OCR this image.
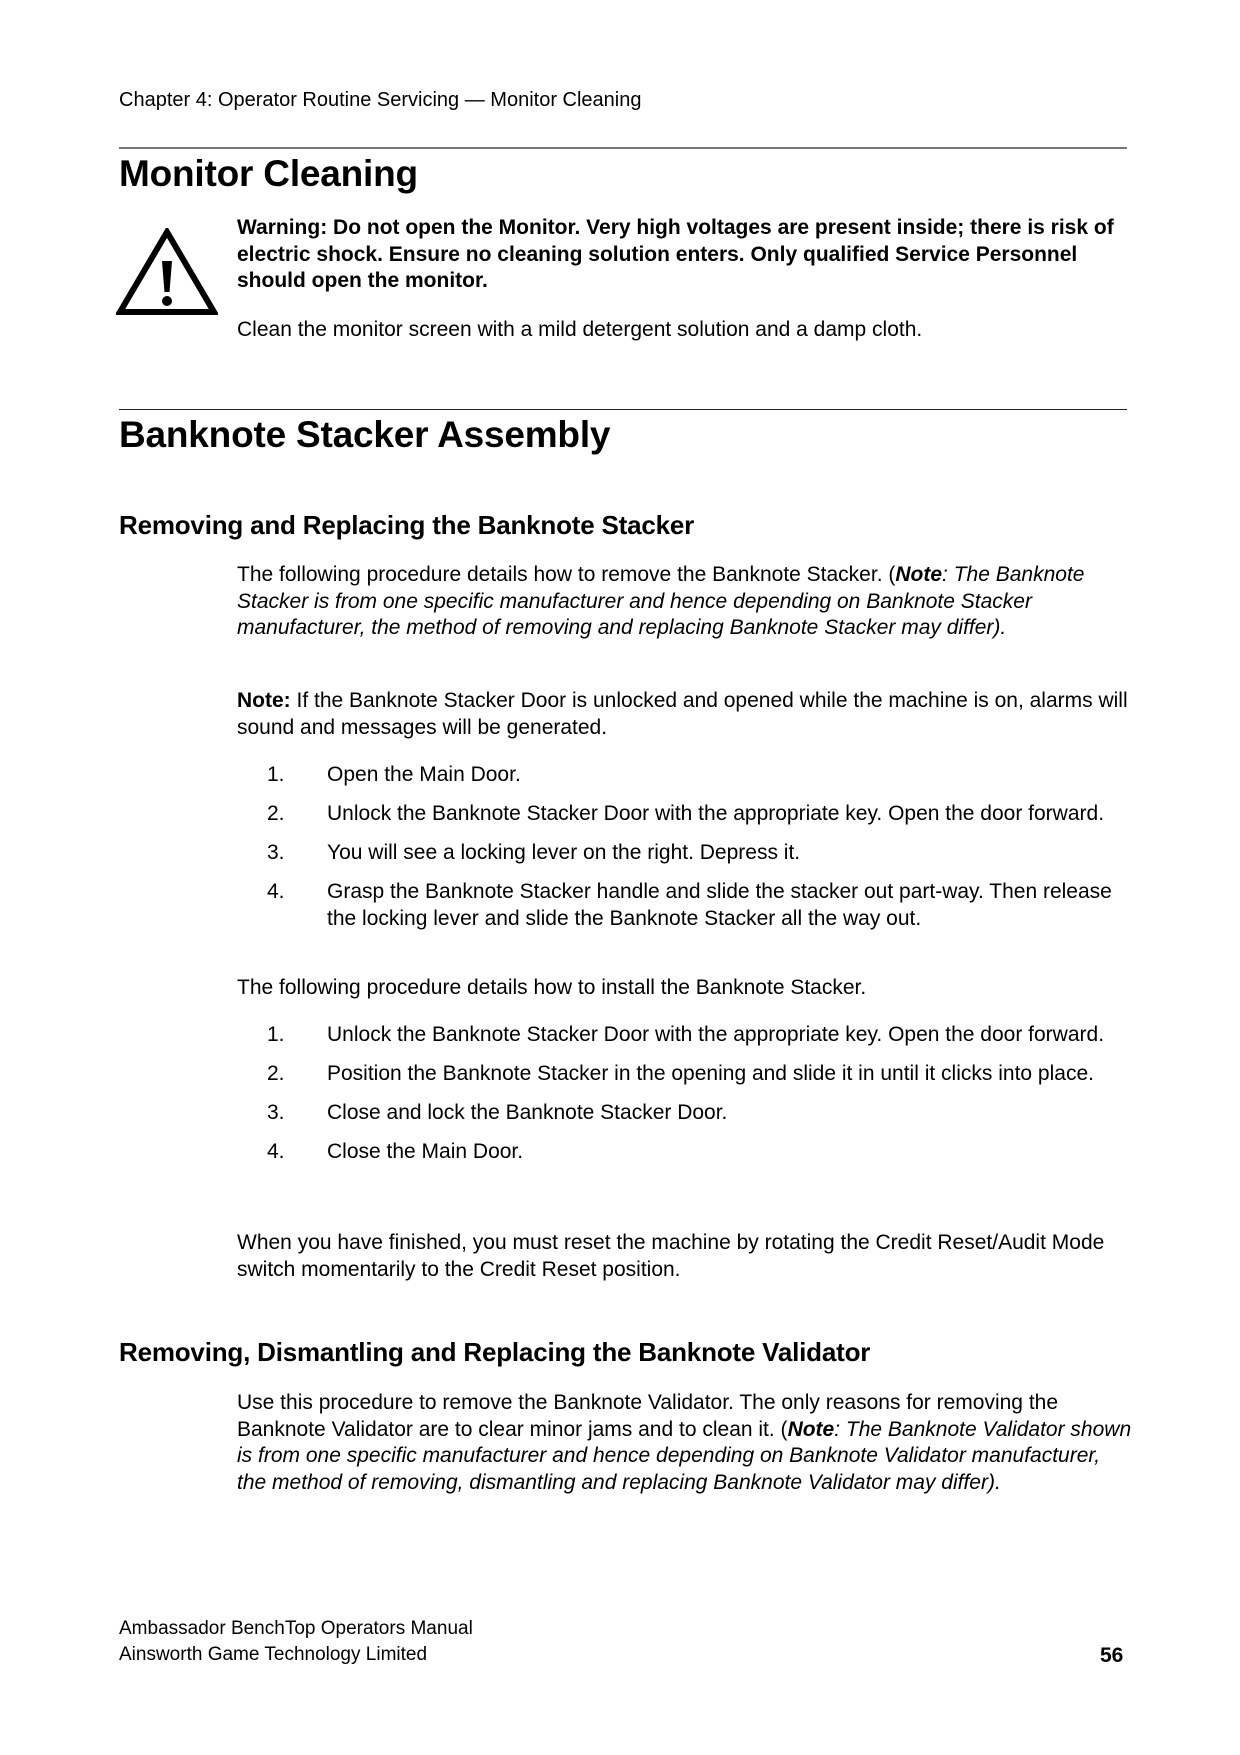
Chapter 4: Operator Routine Servicing — Monitor Cleaning
Monitor Cleaning
Warning: Do not open the Monitor. Very high voltages are present inside; there is risk of electric shock. Ensure no cleaning solution enters. Only qualified Service Personnel should open the monitor.

Clean the monitor screen with a mild detergent solution and a damp cloth.

Banknote Stacker Assembly
Removing and Replacing the Banknote Stacker

The following procedure details how to remove the Banknote Stacker. (Note: The Banknote Stacker is from one specific manufacturer and hence depending on Banknote Stacker manufacturer, the method of removing and replacing Banknote Stacker may differ).

Note: If the Banknote Stacker Door is unlocked and opened while the machine is on, alarms will sound and messages will be generated.

1. Open the Main Door.
2. Unlock the Banknote Stacker Door with the appropriate key. Open the door forward.
3. You will see a locking lever on the right. Depress it.
4. Grasp the Banknote Stacker handle and slide the stacker out part-way. Then release the locking lever and slide the Banknote Stacker all the way out.

The following procedure details how to install the Banknote Stacker.

1. Unlock the Banknote Stacker Door with the appropriate key. Open the door forward.
2. Position the Banknote Stacker in the opening and slide it in until it clicks into place.
3. Close and lock the Banknote Stacker Door.
4. Close the Main Door.

When you have finished, you must reset the machine by rotating the Credit Reset/Audit Mode switch momentarily to the Credit Reset position.

Removing, Dismantling and Replacing the Banknote Validator

Use this procedure to remove the Banknote Validator. The only reasons for removing the Banknote Validator are to clear minor jams and to clean it. (Note: The Banknote Validator shown is from one specific manufacturer and hence depending on Banknote Validator manufacturer, the method of removing, dismantling and replacing Banknote Validator may differ).

Ambassador BenchTop Operators Manual
Ainsworth Game Technology Limited	56
